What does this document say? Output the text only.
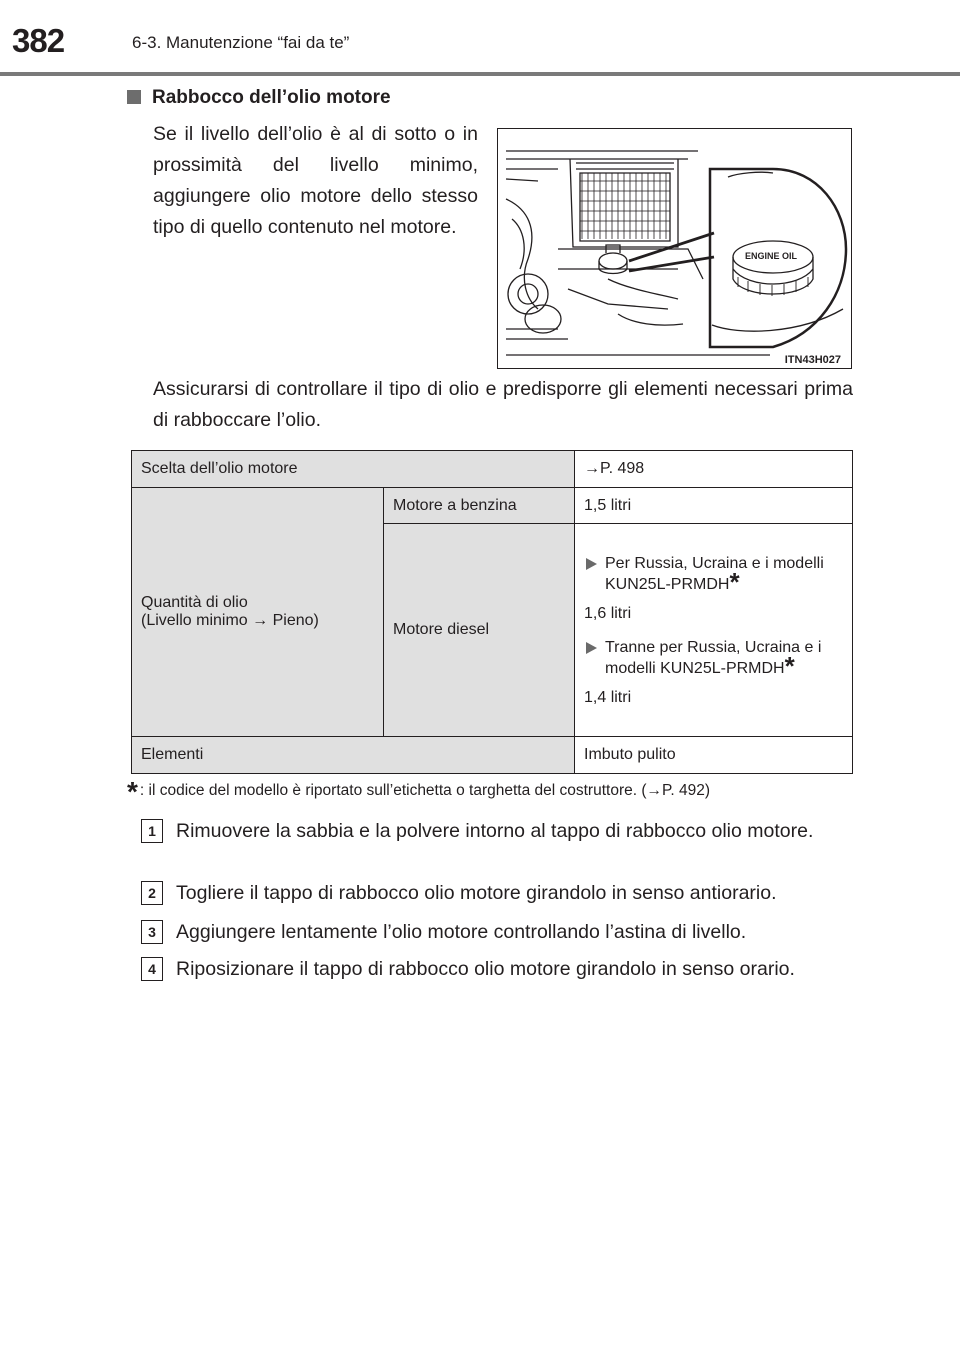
382	6-3. Manutenzione “fai da te”
Rabbocco dell’olio motore
Se il livello dell’olio è al di sotto o in prossimità del livello minimo, aggiungere olio motore dello stesso tipo di quello contenuto nel motore.
ENGINE OIL
ITN43H027
Assicurarsi di controllare il tipo di olio e predisporre gli elementi necessari prima di rabboccare l’olio.
Scelta dell’olio motore		→P. 498

Quantità di olio
(Livello minimo → Pieno)	Motore a benzina	1,5 litri
	Motore diesel	Per Russia, Ucraina e i modelli KUN25L-PRMDH*

1,6 litri

Tranne per Russia, Ucraina e i modelli KUN25L-PRMDH*

1,4 litri

Elementi		Imbuto pulito
* : il codice del modello è riportato sull’etichetta o targhetta del costruttore. (→P. 492)
1	Rimuovere la sabbia e la polvere intorno al tappo di rabbocco olio motore.
2	Togliere il tappo di rabbocco olio motore girandolo in senso antiorario.
3	Aggiungere lentamente l’olio motore controllando l’astina di livello.
4	Riposizionare il tappo di rabbocco olio motore girandolo in senso orario.
